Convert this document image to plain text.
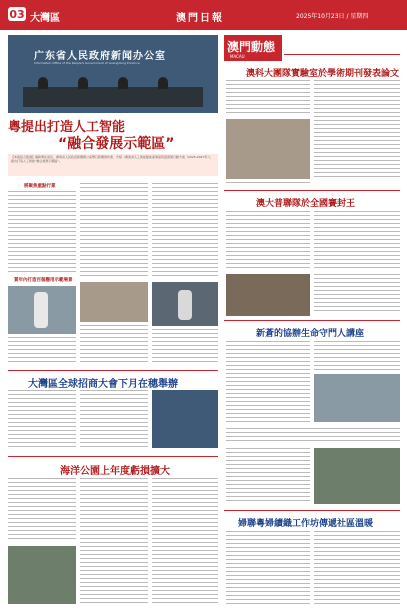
03 大灣區	澳門日報	2025年10月23日 / 星期四
广东省人民政府新闻办公室
Information Office of the People's Government of Guangdong Province
粵提出打造人工智能
“融合發展示範區”
【本報綜合報道】據新華社消息，廣東省人民政府新聞辦公室舉行新聞發布會，介紹《廣東省人工智能賦能產業高質量發展行動方案（2025-2027年）》，提出打造人工智能“融合發展示範區”。
將聚焦重點行業
質年內打造百個應用示範場景
大灣區全球招商大會下月在穗舉辦
海洋公園上年度虧損擴大
澳門動態
MACAU
澳科大團隊實驗室於學術期刊發表論文
澳大普聯隊於全國賽封王
新蒼的協辦生命守門人講座
婦聯粵婦續織工作坊傳遞社區溫暖
